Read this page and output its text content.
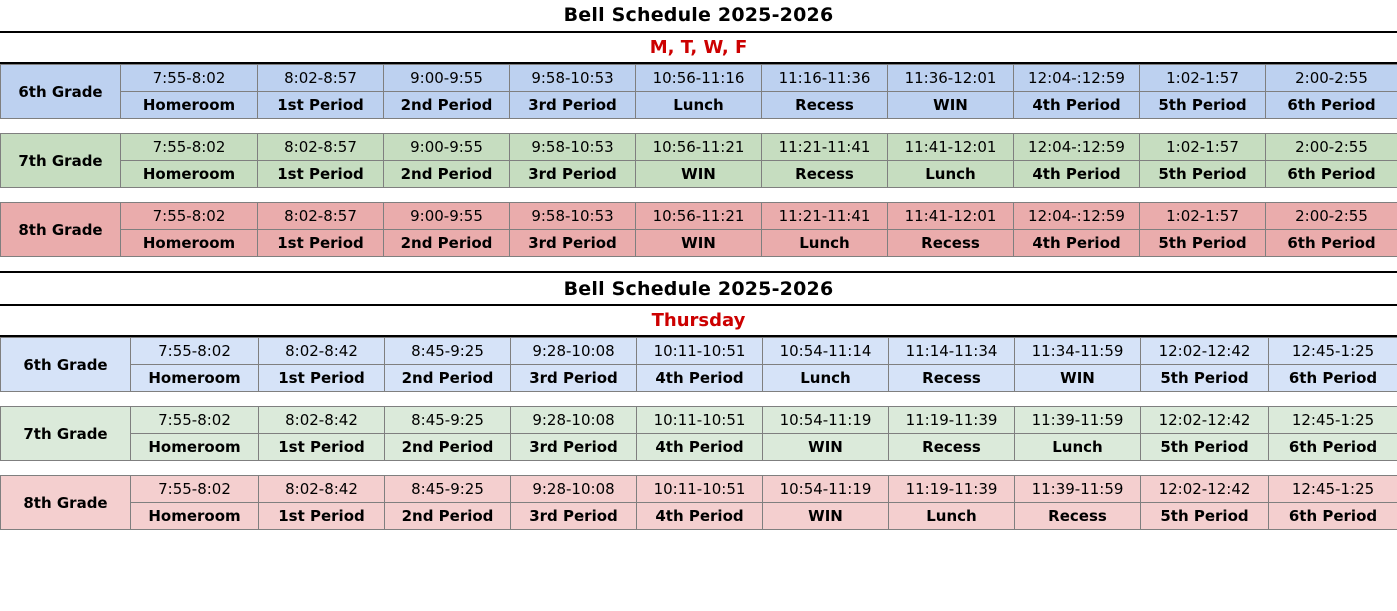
Bell Schedule 2025-2026
M, T, W, F
6th Grade	7:55-8:02	8:02-8:57	9:00-9:55	9:58-10:53	10:56-11:16	11:16-11:36	11:36-12:01	12:04-:12:59	1:02-1:57	2:00-2:55
	Homeroom	1st Period	2nd Period	3rd Period	Lunch	Recess	WIN	4th Period	5th Period	6th Period

7th Grade	7:55-8:02	8:02-8:57	9:00-9:55	9:58-10:53	10:56-11:21	11:21-11:41	11:41-12:01	12:04-:12:59	1:02-1:57	2:00-2:55
	Homeroom	1st Period	2nd Period	3rd Period	WIN	Recess	Lunch	4th Period	5th Period	6th Period

8th Grade	7:55-8:02	8:02-8:57	9:00-9:55	9:58-10:53	10:56-11:21	11:21-11:41	11:41-12:01	12:04-:12:59	1:02-1:57	2:00-2:55
	Homeroom	1st Period	2nd Period	3rd Period	WIN	Lunch	Recess	4th Period	5th Period	6th Period
Bell Schedule 2025-2026
Thursday
6th Grade	7:55-8:02	8:02-8:42	8:45-9:25	9:28-10:08	10:11-10:51	10:54-11:14	11:14-11:34	11:34-11:59	12:02-12:42	12:45-1:25
	Homeroom	1st Period	2nd Period	3rd Period	4th Period	Lunch	Recess	WIN	5th Period	6th Period

7th Grade	7:55-8:02	8:02-8:42	8:45-9:25	9:28-10:08	10:11-10:51	10:54-11:19	11:19-11:39	11:39-11:59	12:02-12:42	12:45-1:25
	Homeroom	1st Period	2nd Period	3rd Period	4th Period	WIN	Recess	Lunch	5th Period	6th Period

8th Grade	7:55-8:02	8:02-8:42	8:45-9:25	9:28-10:08	10:11-10:51	10:54-11:19	11:19-11:39	11:39-11:59	12:02-12:42	12:45-1:25
	Homeroom	1st Period	2nd Period	3rd Period	4th Period	WIN	Lunch	Recess	5th Period	6th Period
